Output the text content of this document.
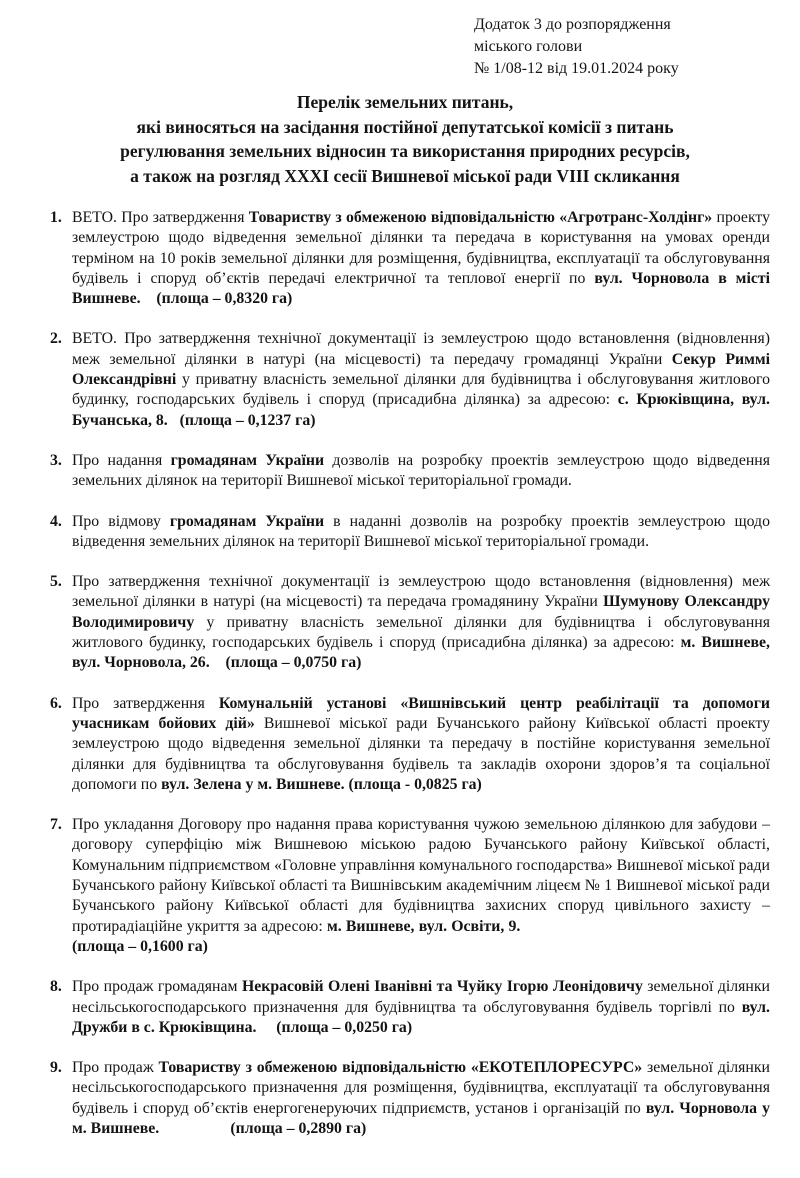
Додаток 3 до розпорядження
міського голови
№ 1/08-12 від 19.01.2024 року
Перелік земельних питань,
які виносяться на засідання постійної депутатської комісії з питань
регулювання земельних відносин та використання природних ресурсів,
а також на розгляд XXXI сесії Вишневої міської ради VIII скликання
1. ВЕТО. Про затвердження Товариству з обмеженою відповідальністю «Агротранс-Холдінг» проекту землеустрою щодо відведення земельної ділянки та передача в користування на умовах оренди терміном на 10 років земельної ділянки для розміщення, будівництва, експлуатації та обслуговування будівель і споруд об’єктів передачі електричної та теплової енергії по вул. Чорновола в місті Вишневе. (площа – 0,8320 га)
2. ВЕТО. Про затвердження технічної документації із землеустрою щодо встановлення (відновлення) меж земельної ділянки в натурі (на місцевості) та передачу громадянці України Секур Риммі Олександрівні у приватну власність земельної ділянки для будівництва і обслуговування житлового будинку, господарських будівель і споруд (присадибна ділянка) за адресою: с. Крюківщина, вул. Бучанська, 8. (площа – 0,1237 га)
3. Про надання громадянам України дозволів на розробку проектів землеустрою щодо відведення земельних ділянок на території Вишневої міської територіальної громади.
4. Про відмову громадянам України в наданні дозволів на розробку проектів землеустрою щодо відведення земельних ділянок на території Вишневої міської територіальної громади.
5. Про затвердження технічної документації із землеустрою щодо встановлення (відновлення) меж земельної ділянки в натурі (на місцевості) та передача громадянину України Шумунову Олександру Володимировичу у приватну власність земельної ділянки для будівництва і обслуговування житлового будинку, господарських будівель і споруд (присадибна ділянка) за адресою: м. Вишневе, вул. Чорновола, 26. (площа – 0,0750 га)
6. Про затвердження Комунальній установі «Вишнівський центр реабілітації та допомоги учасникам бойових дій» Вишневої міської ради Бучанського району Київської області проекту землеустрою щодо відведення земельної ділянки та передачу в постійне користування земельної ділянки для будівництва та обслуговування будівель та закладів охорони здоров’я та соціальної допомоги по вул. Зелена у м. Вишневе. (площа - 0,0825 га)
7. Про укладання Договору про надання права користування чужою земельною ділянкою для забудови – договору суперфіцію між Вишневою міською радою Бучанського району Київської області, Комунальним підприємством «Головне управління комунального господарства» Вишневої міської ради Бучанського району Київської області та Вишнівським академічним ліцеєм № 1 Вишневої міської ради Бучанського району Київської області для будівництва захисних споруд цивільного захисту – протирадіаційне укриття за адресою: м. Вишневе, вул. Освіти, 9.                                                            (площа – 0,1600 га)
8. Про продаж громадянам Некрасовій Олені Іванівні та Чуйку Ігорю Леонідовичу земельної ділянки несільськогосподарського призначення для будівництва та обслуговування будівель торгівлі по вул. Дружби в с. Крюківщина. (площа – 0,0250 га)
9. Про продаж Товариству з обмеженою відповідальністю «ЕКОТЕПЛОРЕСУРС» земельної ділянки несільськогосподарського призначення для розміщення, будівництва, експлуатації та обслуговування будівель і споруд об’єктів енергогенеруючих підприємств, установ і організацій по вул. Чорновола у м. Вишневе.	(площа – 0,2890 га)
